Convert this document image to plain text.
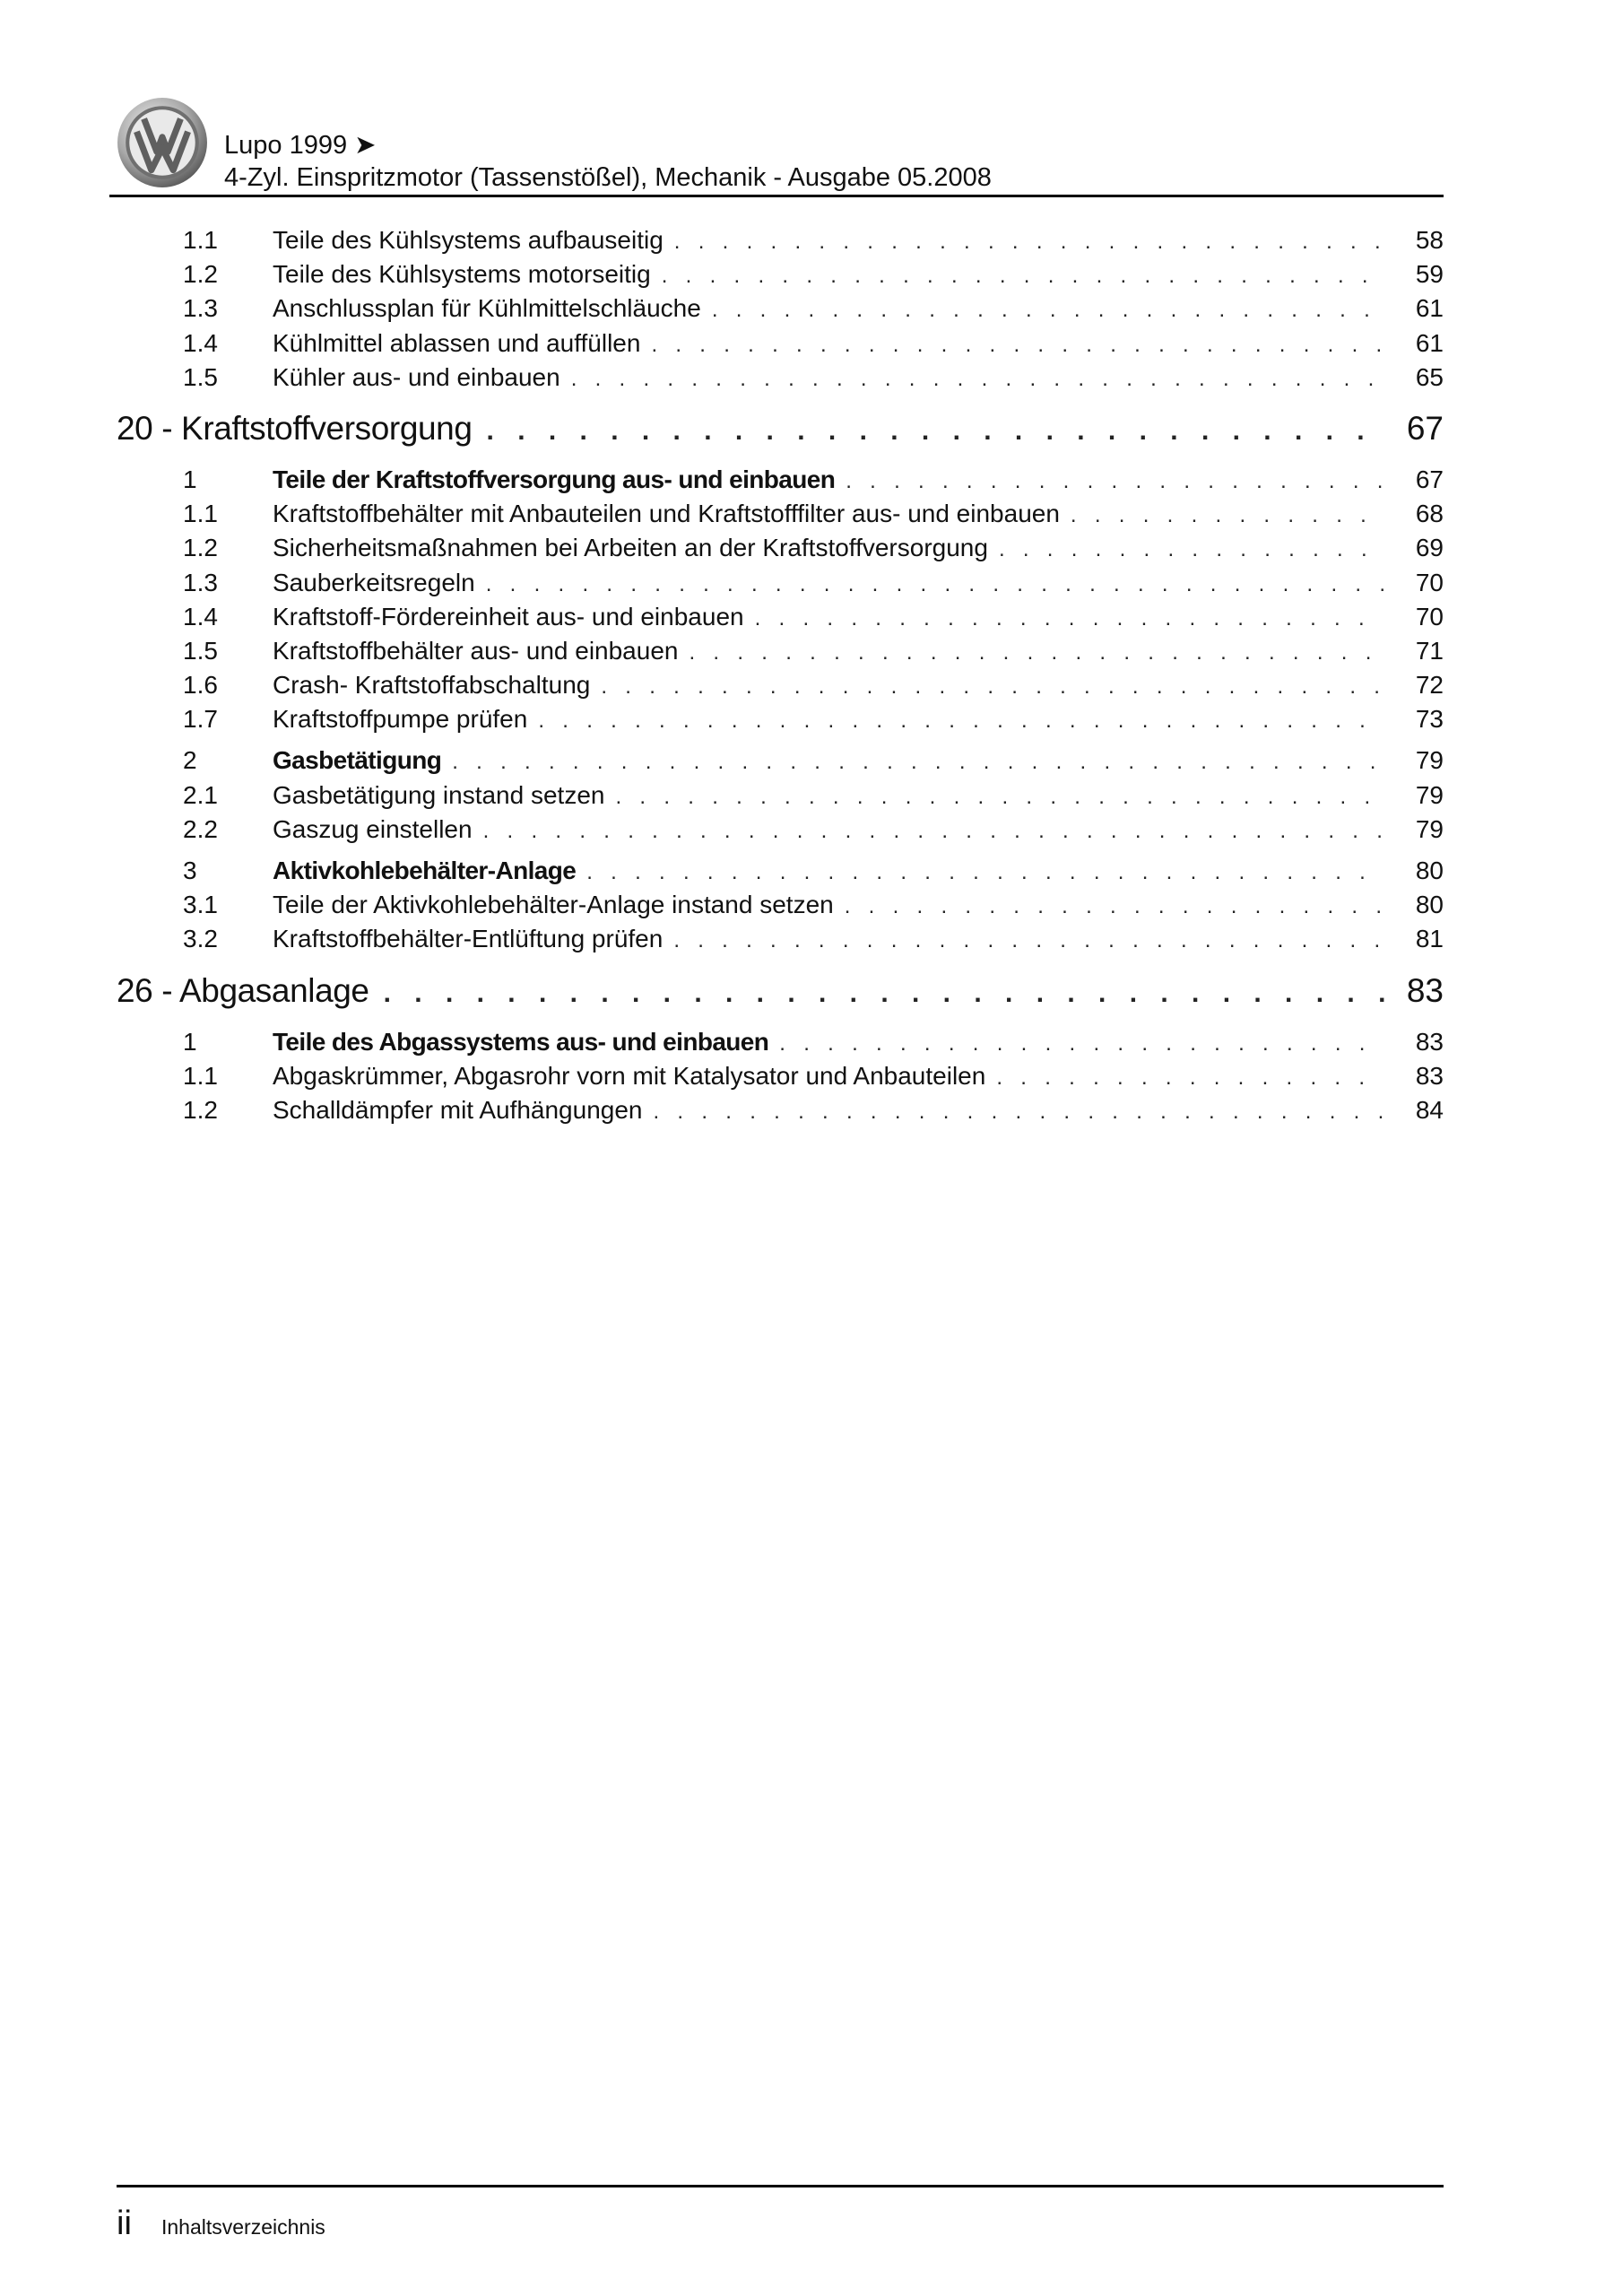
Lupo 1999 ➤
4-Zyl. Einspritzmotor (Tassenstößel), Mechanik - Ausgabe 05.2008
1.1	Teile des Kühlsystems aufbauseitig . . .	58
1.2	Teile des Kühlsystems motorseitig . . .	59
1.3	Anschlussplan für Kühlmittelschläuche . . .	61
1.4	Kühlmittel ablassen und auffüllen . . .	61
1.5	Kühler aus- und einbauen . . .	65
20 - Kraftstoffversorgung . . .	67
1	Teile der Kraftstoffversorgung aus- und einbauen . . .	67
1.1	Kraftstoffbehälter mit Anbauteilen und Kraftstofffilter aus- und einbauen . . .	68
1.2	Sicherheitsmaßnahmen bei Arbeiten an der Kraftstoffversorgung . . .	69
1.3	Sauberkeitsregeln . . .	70
1.4	Kraftstoff-Fördereinheit aus- und einbauen . . .	70
1.5	Kraftstoffbehälter aus- und einbauen . . .	71
1.6	Crash- Kraftstoffabschaltung . . .	72
1.7	Kraftstoffpumpe prüfen . . .	73
2	Gasbetätigung . . .	79
2.1	Gasbetätigung instand setzen . . .	79
2.2	Gaszug einstellen . . .	79
3	Aktivkohlebehälter-Anlage . . .	80
3.1	Teile der Aktivkohlebehälter-Anlage instand setzen . . .	80
3.2	Kraftstoffbehälter-Entlüftung prüfen . . .	81
26 - Abgasanlage . . .	83
1	Teile des Abgassystems aus- und einbauen . . .	83
1.1	Abgaskrümmer, Abgasrohr vorn mit Katalysator und Anbauteilen . . .	83
1.2	Schalldämpfer mit Aufhängungen . . .	84
ii Inhaltsverzeichnis
